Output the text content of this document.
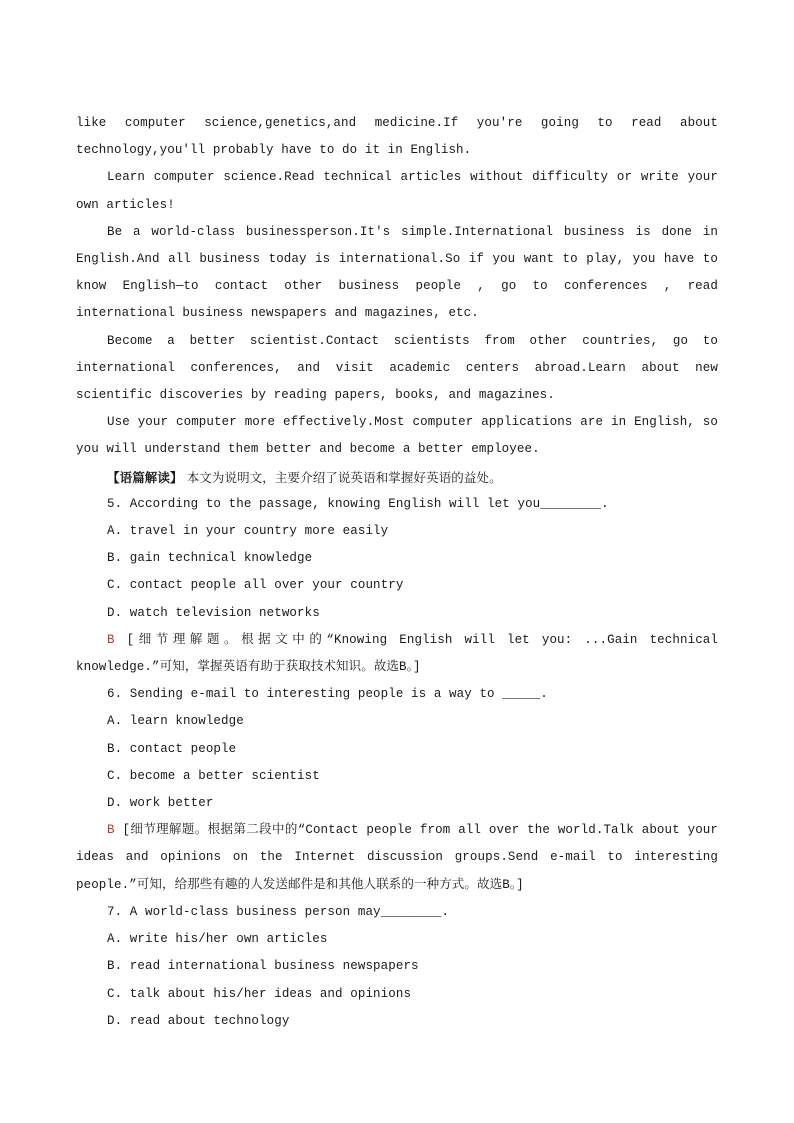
like computer science,genetics,and medicine.If you're going to read about technology,you'll probably have to do it in English.

Learn computer science.Read technical articles without difficulty or write your own articles!

Be a world-class businessperson.It's simple.International business is done in English.And all business today is international.So if you want to play, you have to know English—to contact other business people , go to conferences , read international business newspapers and magazines, etc.

Become a better scientist.Contact scientists from other countries, go to international conferences, and visit academic centers abroad.Learn about new scientific discoveries by reading papers, books, and magazines.

Use your computer more effectively.Most computer applications are in English, so you will understand them better and become a better employee.

【语篇解读】 本文为说明文，主要介绍了说英语和掌握好英语的益处。

5. According to the passage, knowing English will let you________.

A. travel in your country more easily

B. gain technical knowledge

C. contact people all over your country

D. watch television networks

B [细节理解题。根据文中的“Knowing English will let you: ...Gain technical knowledge.”可知，掌握英语有助于获取技术知识。故选B。]

6. Sending e-mail to interesting people is a way to _____.

A. learn knowledge

B. contact people

C. become a better scientist

D. work better

B [细节理解题。根据第二段中的“Contact people from all over the world.Talk about your ideas and opinions on the Internet discussion groups.Send e-mail to interesting people.”可知，给那些有趣的人发送邮件是和其他人联系的一种方式。故选B。]

7. A world-class business person may________.

A. write his/her own articles

B. read international business newspapers

C. talk about his/her ideas and opinions

D. read about technology
